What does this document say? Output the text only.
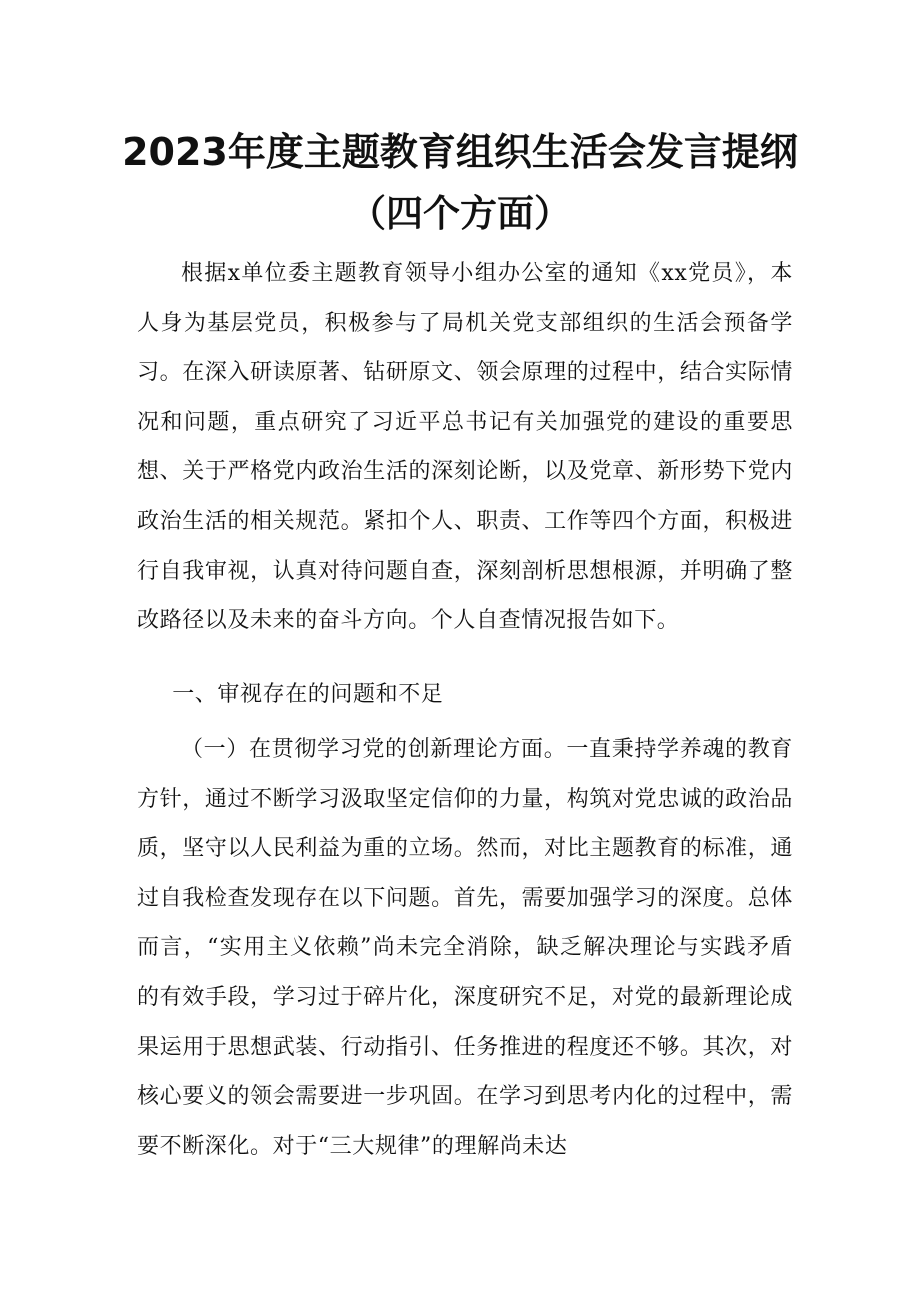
2023年度主题教育组织生活会发言提纲
（四个方面）

根据x单位委主题教育领导小组办公室的通知《xx党员》，本人身为基层党员，积极参与了局机关党支部组织的生活会预备学习。在深入研读原著、钻研原文、领会原理的过程中，结合实际情况和问题，重点研究了习近平总书记有关加强党的建设的重要思想、关于严格党内政治生活的深刻论断，以及党章、新形势下党内政治生活的相关规范。紧扣个人、职责、工作等四个方面，积极进行自我审视，认真对待问题自查，深刻剖析思想根源，并明确了整改路径以及未来的奋斗方向。个人自查情况报告如下。

一、审视存在的问题和不足

（一）在贯彻学习党的创新理论方面。一直秉持学养魂的教育方针，通过不断学习汲取坚定信仰的力量，构筑对党忠诚的政治品质，坚守以人民利益为重的立场。然而，对比主题教育的标准，通过自我检查发现存在以下问题。首先，需要加强学习的深度。总体而言，“实用主义依赖”尚未完全消除，缺乏解决理论与实践矛盾的有效手段，学习过于碎片化，深度研究不足，对党的最新理论成果运用于思想武装、行动指引、任务推进的程度还不够。其次，对核心要义的领会需要进一步巩固。在学习到思考内化的过程中，需要不断深化。对于“三大规律”的理解尚未达
